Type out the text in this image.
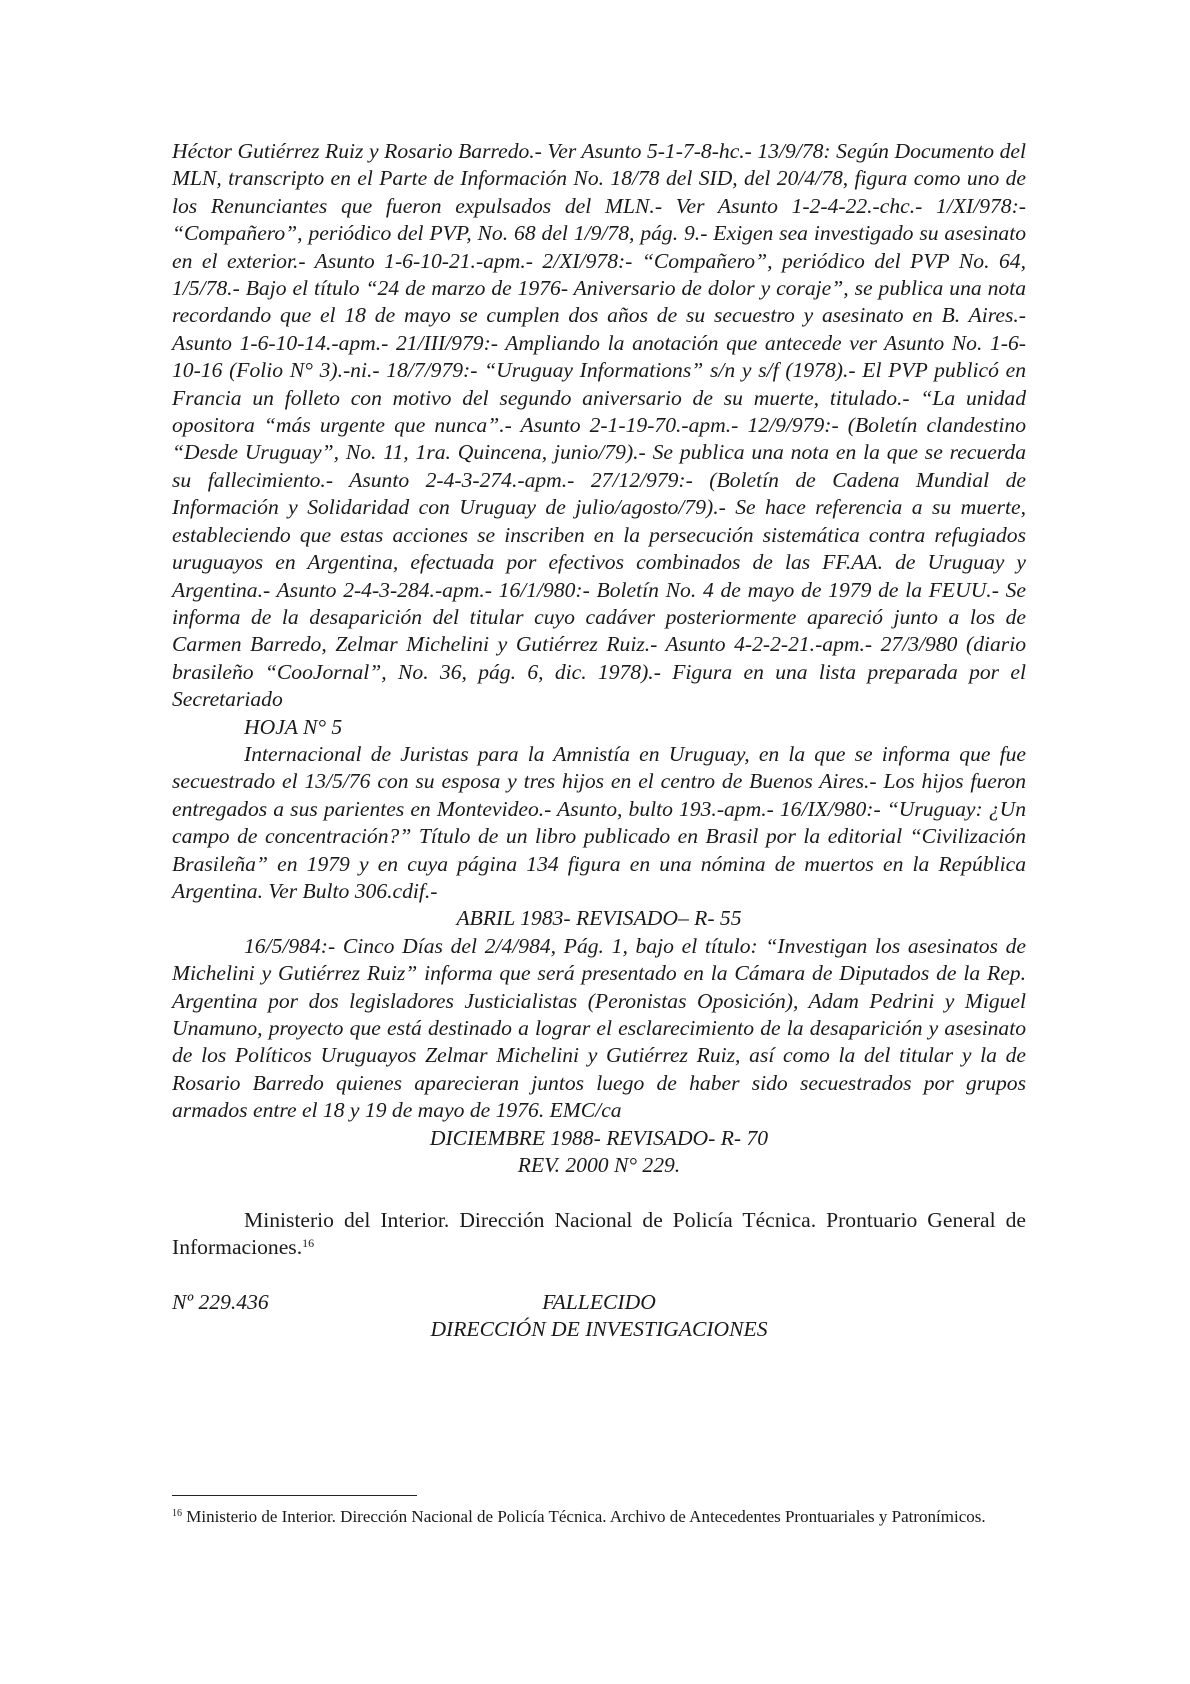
Héctor Gutiérrez Ruiz y Rosario Barredo.- Ver Asunto 5-1-7-8-hc.- 13/9/78: Según Documento del MLN, transcripto en el Parte de Información No. 18/78 del SID, del 20/4/78, figura como uno de los Renunciantes que fueron expulsados del MLN.- Ver Asunto 1-2-4-22.-chc.- 1/XI/978:- “Compañero”, periódico del PVP, No. 68 del 1/9/78, pág. 9.- Exigen sea investigado su asesinato en el exterior.- Asunto 1-6-10-21.-apm.- 2/XI/978:- “Compañero”, periódico del PVP No. 64, 1/5/78.- Bajo el título “24 de marzo de 1976- Aniversario de dolor y coraje”, se publica una nota recordando que el 18 de mayo se cumplen dos años de su secuestro y asesinato en B. Aires.- Asunto 1-6-10-14.-apm.- 21/III/979:- Ampliando la anotación que antecede ver Asunto No. 1-6-10-16 (Folio N° 3).-ni.- 18/7/979:- “Uruguay Informations” s/n y s/f (1978).- El PVP publicó en Francia un folleto con motivo del segundo aniversario de su muerte, titulado.- “La unidad opositora “más urgente que nunca”.- Asunto 2-1-19-70.-apm.- 12/9/979:- (Boletín clandestino “Desde Uruguay”, No. 11, 1ra. Quincena, junio/79).- Se publica una nota en la que se recuerda su fallecimiento.- Asunto 2-4-3-274.-apm.- 27/12/979:- (Boletín de Cadena Mundial de Información y Solidaridad con Uruguay de julio/agosto/79).- Se hace referencia a su muerte, estableciendo que estas acciones se inscriben en la persecución sistemática contra refugiados uruguayos en Argentina, efectuada por efectivos combinados de las FF.AA. de Uruguay y Argentina.- Asunto 2-4-3-284.-apm.- 16/1/980:- Boletín No. 4 de mayo de 1979 de la FEUU.- Se informa de la desaparición del titular cuyo cadáver posteriormente apareció junto a los de Carmen Barredo, Zelmar Michelini y Gutiérrez Ruiz.- Asunto 4-2-2-21.-apm.- 27/3/980 (diario brasileño “CooJornal”, No. 36, pág. 6, dic. 1978).- Figura en una lista preparada por el Secretariado

HOJA N° 5

Internacional de Juristas para la Amnistía en Uruguay, en la que se informa que fue secuestrado el 13/5/76 con su esposa y tres hijos en el centro de Buenos Aires.- Los hijos fueron entregados a sus parientes en Montevideo.- Asunto, bulto 193.-apm.- 16/IX/980:- “Uruguay: ¿Un campo de concentración?” Título de un libro publicado en Brasil por la editorial “Civilización Brasileña” en 1979 y en cuya página 134 figura en una nómina de muertos en la República Argentina. Ver Bulto 306.cdif.-

ABRIL 1983- REVISADO– R- 55

16/5/984:- Cinco Días del 2/4/984, Pág. 1, bajo el título: “Investigan los asesinatos de Michelini y Gutiérrez Ruiz” informa que será presentado en la Cámara de Diputados de la Rep. Argentina por dos legisladores Justicialistas (Peronistas Oposición), Adam Pedrini y Miguel Unamuno, proyecto que está destinado a lograr el esclarecimiento de la desaparición y asesinato de los Políticos Uruguayos Zelmar Michelini y Gutiérrez Ruiz, así como la del titular y la de Rosario Barredo quienes aparecieran juntos luego de haber sido secuestrados por grupos armados entre el 18 y 19 de mayo de 1976. EMC/ca

DICIEMBRE 1988- REVISADO- R- 70

REV. 2000 N° 229.

Ministerio del Interior. Dirección Nacional de Policía Técnica. Prontuario General de Informaciones.$^{16}$

Nº 229.436	FALLECIDO

DIRECCIÓN DE INVESTIGACIONES

$^{16}$ Ministerio de Interior. Dirección Nacional de Policía Técnica. Archivo de Antecedentes Prontuariales y Patronímicos.
